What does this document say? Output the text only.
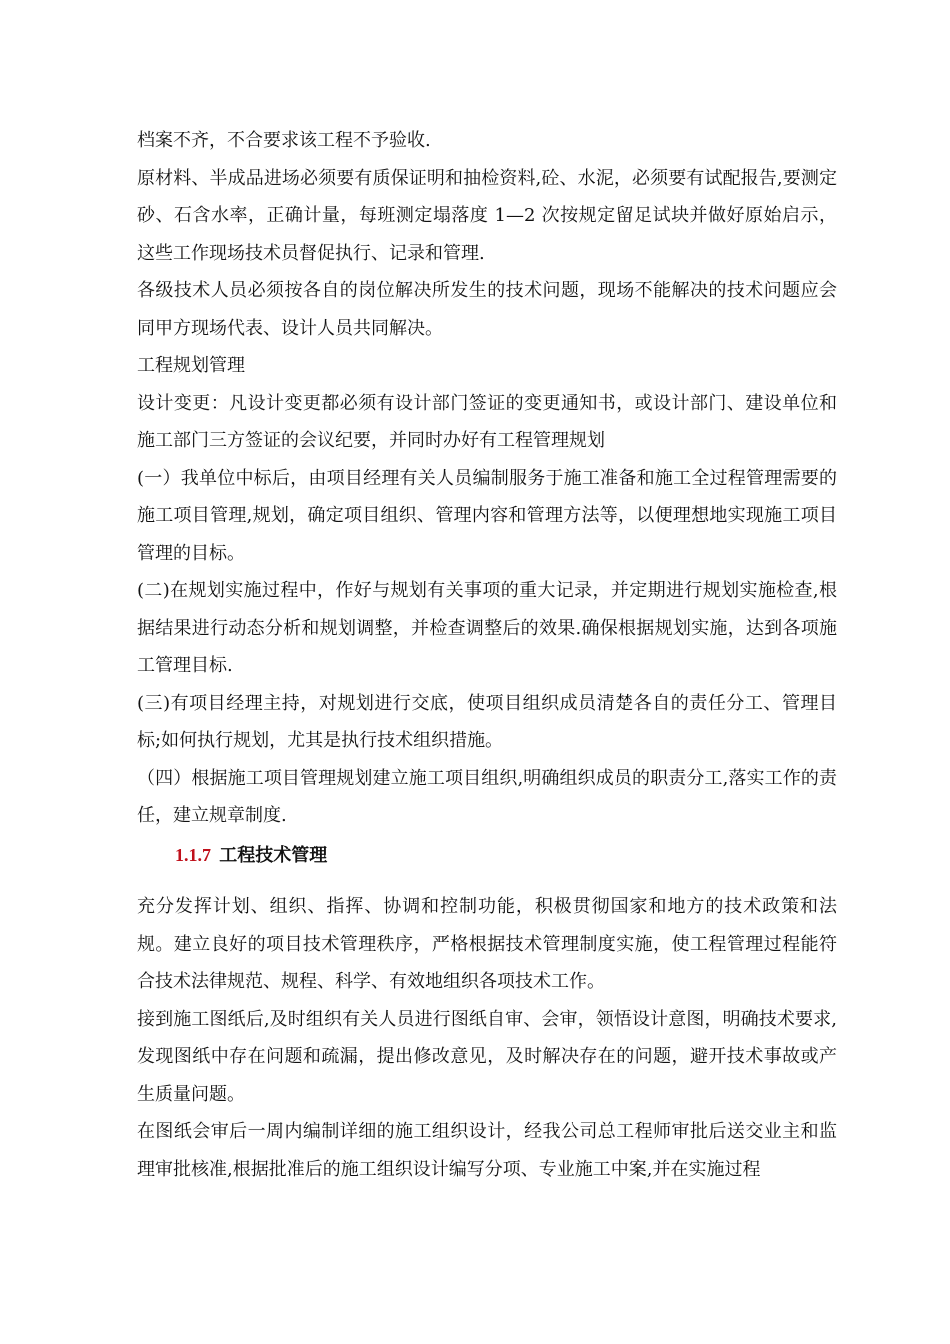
档案不齐，不合要求该工程不予验收.

原材料、半成品进场必须要有质保证明和抽检资料,砼、水泥，必须要有试配报告,要测定砂、石含水率，正确计量，每班测定塌落度 1—2 次按规定留足试块并做好原始启示，这些工作现场技术员督促执行、记录和管理.

各级技术人员必须按各自的岗位解决所发生的技术问题，现场不能解决的技术问题应会同甲方现场代表、设计人员共同解决。

工程规划管理

设计变更：凡设计变更都必须有设计部门签证的变更通知书，或设计部门、建设单位和施工部门三方签证的会议纪要，并同时办好有工程管理规划

(一）我单位中标后，由项目经理有关人员编制服务于施工准备和施工全过程管理需要的施工项目管理,规划，确定项目组织、管理内容和管理方法等，以便理想地实现施工项目管理的目标。

(二)在规划实施过程中，作好与规划有关事项的重大记录，并定期进行规划实施检查,根据结果进行动态分析和规划调整，并检查调整后的效果.确保根据规划实施，达到各项施工管理目标.

(三)有项目经理主持，对规划进行交底，使项目组织成员清楚各自的责任分工、管理目标;如何执行规划，尤其是执行技术组织措施。

（四）根据施工项目管理规划建立施工项目组织,明确组织成员的职责分工,落实工作的责任，建立规章制度.

1.1.7 工程技术管理

充分发挥计划、组织、指挥、协调和控制功能，积极贯彻国家和地方的技术政策和法规。建立良好的项目技术管理秩序，严格根据技术管理制度实施，使工程管理过程能符合技术法律规范、规程、科学、有效地组织各项技术工作。

接到施工图纸后,及时组织有关人员进行图纸自审、会审，领悟设计意图，明确技术要求,发现图纸中存在问题和疏漏，提出修改意见，及时解决存在的问题，避开技术事故或产生质量问题。

在图纸会审后一周内编制详细的施工组织设计，经我公司总工程师审批后送交业主和监理审批核准,根据批准后的施工组织设计编写分项、专业施工中案,并在实施过程
